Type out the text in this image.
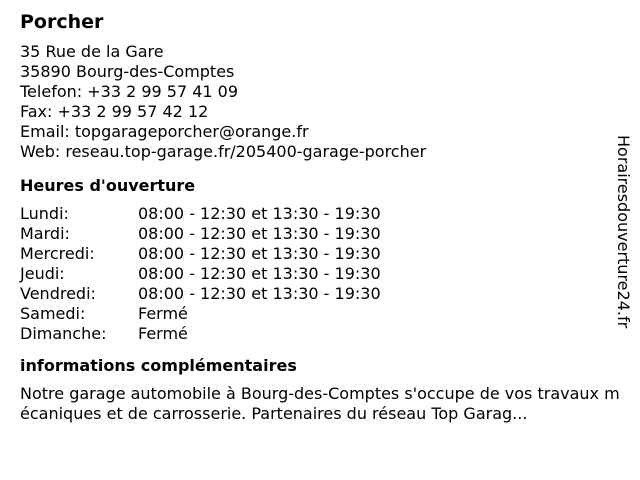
Porcher
35 Rue de la Gare
35890 Bourg-des-Comptes
Telefon: +33 2 99 57 41 09
Fax: +33 2 99 57 42 12
Email: topgarageporcher@orange.fr
Web: reseau.top-garage.fr/205400-garage-porcher
Heures d'ouverture
Lundi:	08:00 - 12:30 et 13:30 - 19:30
Mardi:	08:00 - 12:30 et 13:30 - 19:30
Mercredi:	08:00 - 12:30 et 13:30 - 19:30
Jeudi:	08:00 - 12:30 et 13:30 - 19:30
Vendredi:	08:00 - 12:30 et 13:30 - 19:30
Samedi:	Fermé
Dimanche:	Fermé
informations complémentaires
Notre garage automobile à Bourg-des-Comptes s'occupe de vos travaux mécaniques et de carrosserie. Partenaires du réseau Top Garag...
Horairesdouverture24.fr
